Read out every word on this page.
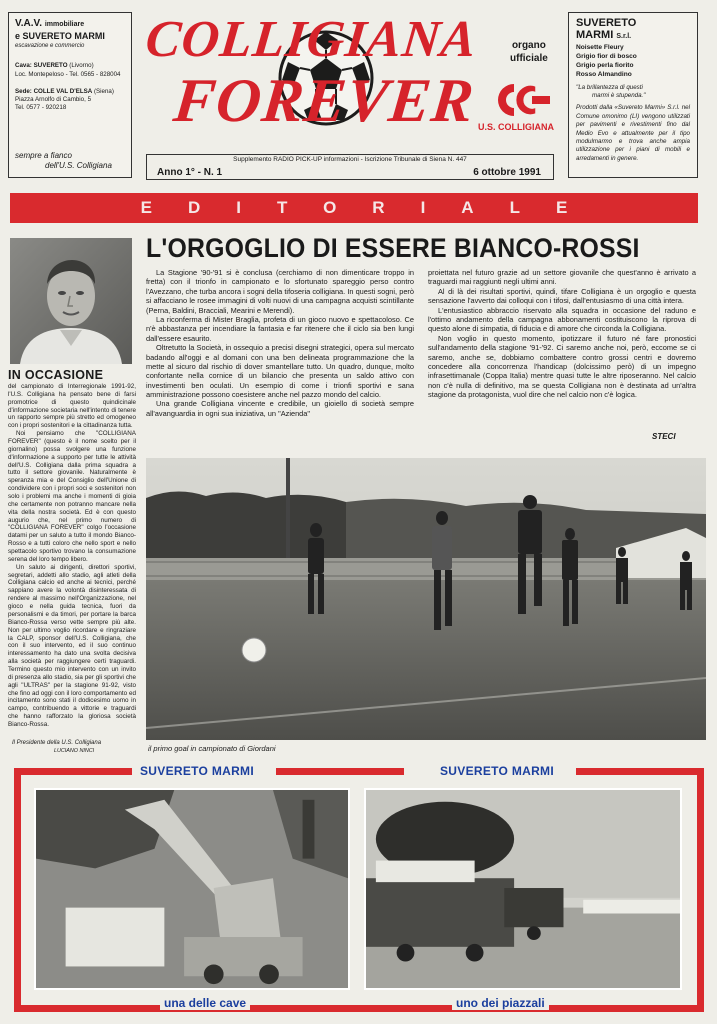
V.A.V. immobiliare
e SUVERETO MARMI
escavazione e commercio
Cava: SUVERETO (Livorno)
Loc. Montepeloso - Tel. 0565 - 828004
Sede: COLLE VAL D'ELSA (Siena)
Piazza Arnolfo di Cambio, 5
Tel. 0577 - 920218
sempre a fianco
dell'U.S. Colligiana
COLLIGIANA
FOREVER
organo
ufficiale
U.S. COLLIGIANA
Supplemento RADIO PICK-UP informazioni - Iscrizione Tribunale di Siena N. 447
Anno 1° - N. 1	6 ottobre 1991
SUVERETO
MARMI S.r.l.
Noisette Fleury
Grigio fior di bosco
Grigio perla fiorito
Rosso Almandino
"La brillantezza di questi
marmi è stupenda."
Prodotti dalla «Suvereto Marmi» S.r.l. nel Comune omonimo (LI) vengono utilizzati per pavimenti e rivestimenti fino dal Medio Evo e attualmente per il tipo modulmarmo e trova anche ampia utilizzazione per i piani di mobili e arredamenti in genere.
EDITORIALE
IN OCCASIONE

del campionato di Interregionale 1991-92, l'U.S. Colligiana ha pensato bene di farsi promotrice di questo quindicinale d'informazione societaria nell'intento di tenere un rapporto sempre più stretto ed omogeneo con i propri sostenitori e la cittadinanza tutta.

Noi pensiamo che "COLLIGIANA FOREVER" (questo è il nome scelto per il giornalino) possa svolgere una funzione d'informazione a supporto per tutte le attività dell'U.S. Colligiana dalla prima squadra a tutto il settore giovanile. Naturalmente è speranza mia e del Consiglio dell'Unione di condividere con i propri soci e sostenitori non solo i problemi ma anche i momenti di gioia che certamente non potranno mancare nella vita della nostra società. Ed è con questo augurio che, nel primo numero di "COLLIGIANA FOREVER" colgo l'occasione datami per un saluto a tutto il mondo Bianco-Rosso e a tutti coloro che nello sport e nello spettacolo sportivo trovano la consumazione serena del loro tempo libero.

Un saluto ai dirigenti, direttori sportivi, segretari, addetti allo stadio, agli atleti della Colligiana calcio ed anche ai tecnici, perché sappiano avere la volontà disinteressata di rendere al massimo nell'Organizzazione, nel gioco e nella guida tecnica, fuori da personalismi e da timori, per portare la barca Bianco-Rossa verso vette sempre più alte. Non per ultimo voglio ricordare e ringraziare la CALP, sponsor dell'U.S. Colligiana, che con il suo intervento, ed il suo continuo interessamento ha dato una svolta decisiva alla società per raggiungere certi traguardi. Termino questo mio intervento con un invito di presenza allo stadio, sia per gli sportivi che agli "ULTRAS" per la stagione 91-92, visto che fino ad oggi con il loro comportamento ed incitamento sono stati il dodicesimo uomo in campo, contribuendo a vittorie e traguardi che hanno rafforzato la gloriosa società Bianco-Rossa.

Il Presidente della U.S. Colligiana
LUCIANO NINCI
L'ORGOGLIO DI ESSERE BIANCO-ROSSI

La Stagione '90-'91 si è conclusa (cerchiamo di non dimenticare troppo in fretta) con il trionfo in campionato e lo sfortunato spareggio perso contro l'Avezzano, che turba ancora i sogni della tifoseria colligiana. In questi sogni, però si affacciano le rosee immagini di volti nuovi di una campagna acquisti scintillante (Perna, Baldini, Bracciali, Mearini e Merendi).

La riconferma di Mister Braglia, profeta di un gioco nuovo e spettacoloso. Ce n'è abbastanza per incendiare la fantasia e far ritenere che il ciclo sia ben lungi dall'essere esaurito.

Oltretutto la Società, in ossequio a precisi disegni strategici, opera sul mercato badando all'oggi e al domani con una ben delineata programmazione che la mette al sicuro dal rischio di dover smantellare tutto. Un quadro, dunque, molto confortante nella cornice di un bilancio che presenta un saldo attivo con investimenti ben oculati. Un esempio di come i trionfi sportivi e sana amministrazione possono coesistere anche nel pazzo mondo del calcio.

Una grande Colligiana vincente e credibile, un gioiello di società sempre all'avanguardia in ogni sua iniziativa, un "Azienda"

proiettata nel futuro grazie ad un settore giovanile che quest'anno è arrivato a traguardi mai raggiunti negli ultimi anni.

Al di là dei risultati sportivi, quindi, tifare Colligiana è un orgoglio e questa sensazione l'avverto dai colloqui con i tifosi, dall'entusiasmo di una città intera.

L'entusiastico abbraccio riservato alla squadra in occasione del raduno e l'ottimo andamento della campagna abbonamenti costituiscono la riprova di questo alone di simpatia, di fiducia e di amore che circonda la Colligiana.

Non voglio in questo momento, ipotizzare il futuro né fare pronostici sull'andamento della stagione '91-'92. Ci saremo anche noi, però, eccome se ci saremo, anche se, dobbiamo combattere contro grossi centri e dovremo concedere alla concorrenza l'handicap (dolcissimo però) di un impegno infrasettimanale (Coppa Italia) mentre quasi tutte le altre riposeranno. Nel calcio non c'è nulla di definitivo, ma se questa Colligiana non è destinata ad un'altra stagione da protagonista, vuol dire che nel calcio non c'è logica.

STECI
il primo goal in campionato di Giordani
SUVERETO MARMI	SUVERETO MARMI
una delle cave	uno dei piazzali
